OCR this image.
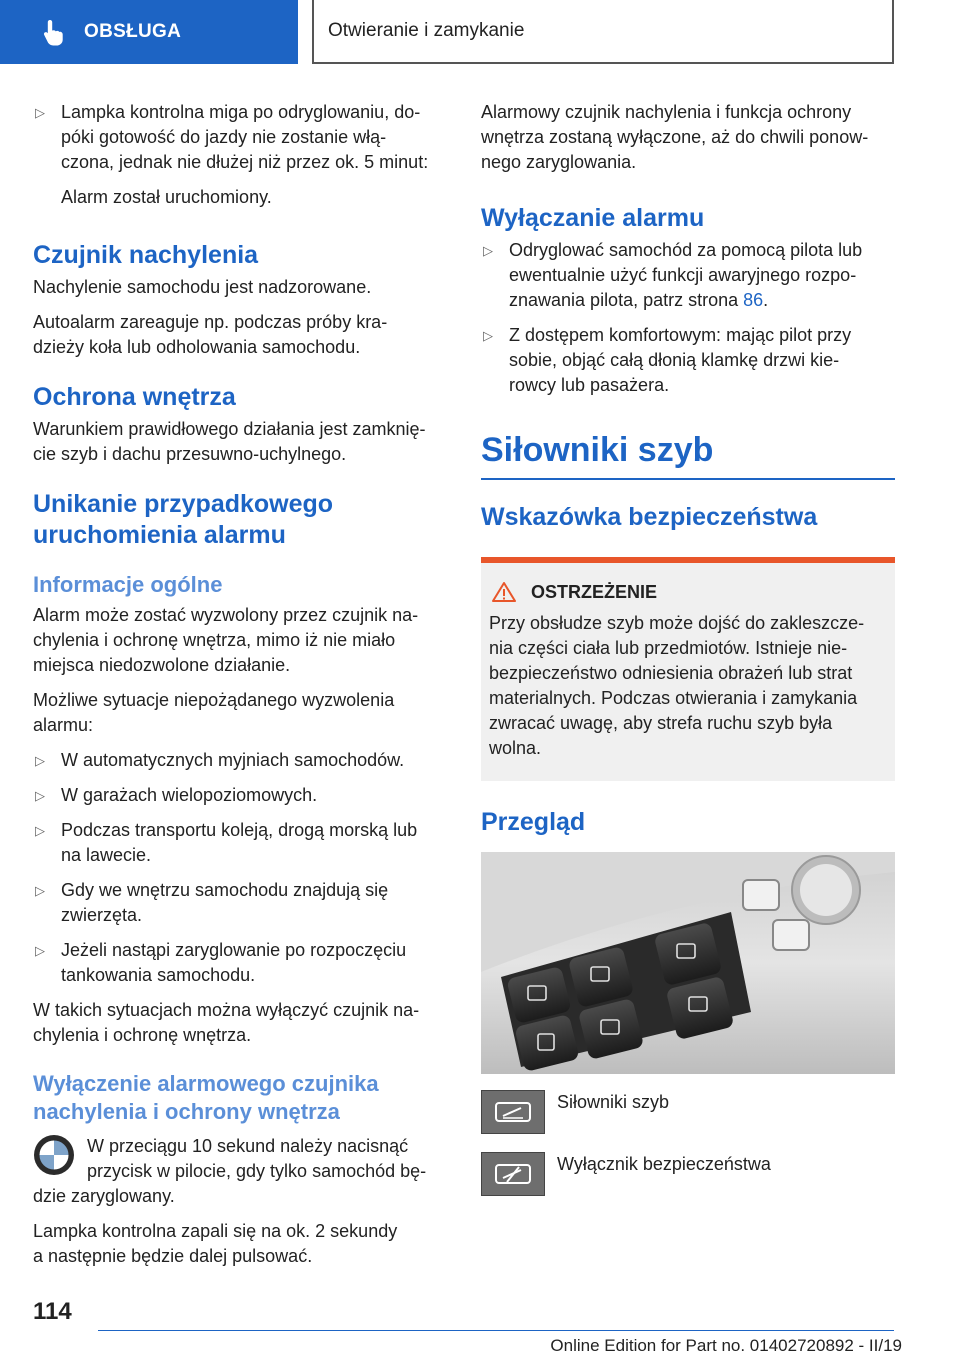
OBSŁUGA	Otwieranie i zamykanie
▷ Lampka kontrolna miga po odryglowaniu, do-
póki gotowość do jazdy nie zostanie włą-
czona, jednak nie dłużej niż przez ok. 5 minut:

Alarm został uruchomiony.

Czujnik nachylenia

Nachylenie samochodu jest nadzorowane.

Autoalarm zareaguje np. podczas próby kra-
dzieży koła lub odholowania samochodu.

Ochrona wnętrza

Warunkiem prawidłowego działania jest zamknię-
cie szyb i dachu przesuwno-uchylnego.

Unikanie przypadkowego
uruchomienia alarmu
Informacje ogólne

Alarm może zostać wyzwolony przez czujnik na-
chylenia i ochronę wnętrza, mimo iż nie miało
miejsca niedozwolone działanie.

Możliwe sytuacje niepożądanego wyzwolenia
alarmu:

▷ W automatycznych myjniach samochodów.
▷ W garażach wielopoziomowych.
▷ Podczas transportu koleją, drogą morską lub
na lawecie.
▷ Gdy we wnętrzu samochodu znajdują się
zwierzęta.
▷ Jeżeli nastąpi zaryglowanie po rozpoczęciu
tankowania samochodu.

W takich sytuacjach można wyłączyć czujnik na-
chylenia i ochronę wnętrza.

Wyłączenie alarmowego czujnika
nachylenia i ochrony wnętrza

W przeciągu 10 sekund należy nacisnąć
przycisk w pilocie, gdy tylko samochód bę-

dzie zaryglowany.

Lampka kontrolna zapali się na ok. 2 sekundy
a następnie będzie dalej pulsować.

Alarmowy czujnik nachylenia i funkcja ochrony
wnętrza zostaną wyłączone, aż do chwili ponow-
nego zaryglowania.

Wyłączanie alarmu
▷ Odryglować samochód za pomocą pilota lub
ewentualnie użyć funkcji awaryjnego rozpo-
znawania pilota, patrz strona 86.
▷ Z dostępem komfortowym: mając pilot przy
sobie, objąć całą dłonią klamkę drzwi kie-
rowcy lub pasażera.
Siłowniki szyb
Wskazówka bezpieczeństwa
OSTRZEŻENIE

Przy obsłudze szyb może dojść do zakleszcze-
nia części ciała lub przedmiotów. Istnieje nie-
bezpieczeństwo odniesienia obrażeń lub strat
materialnych. Podczas otwierania i zamykania
zwracać uwagę, aby strefa ruchu szyb była
wolna.

Przegląd
Siłowniki szyb
Wyłącznik bezpieczeństwa
114
Online Edition for Part no. 01402720892 - II/19
